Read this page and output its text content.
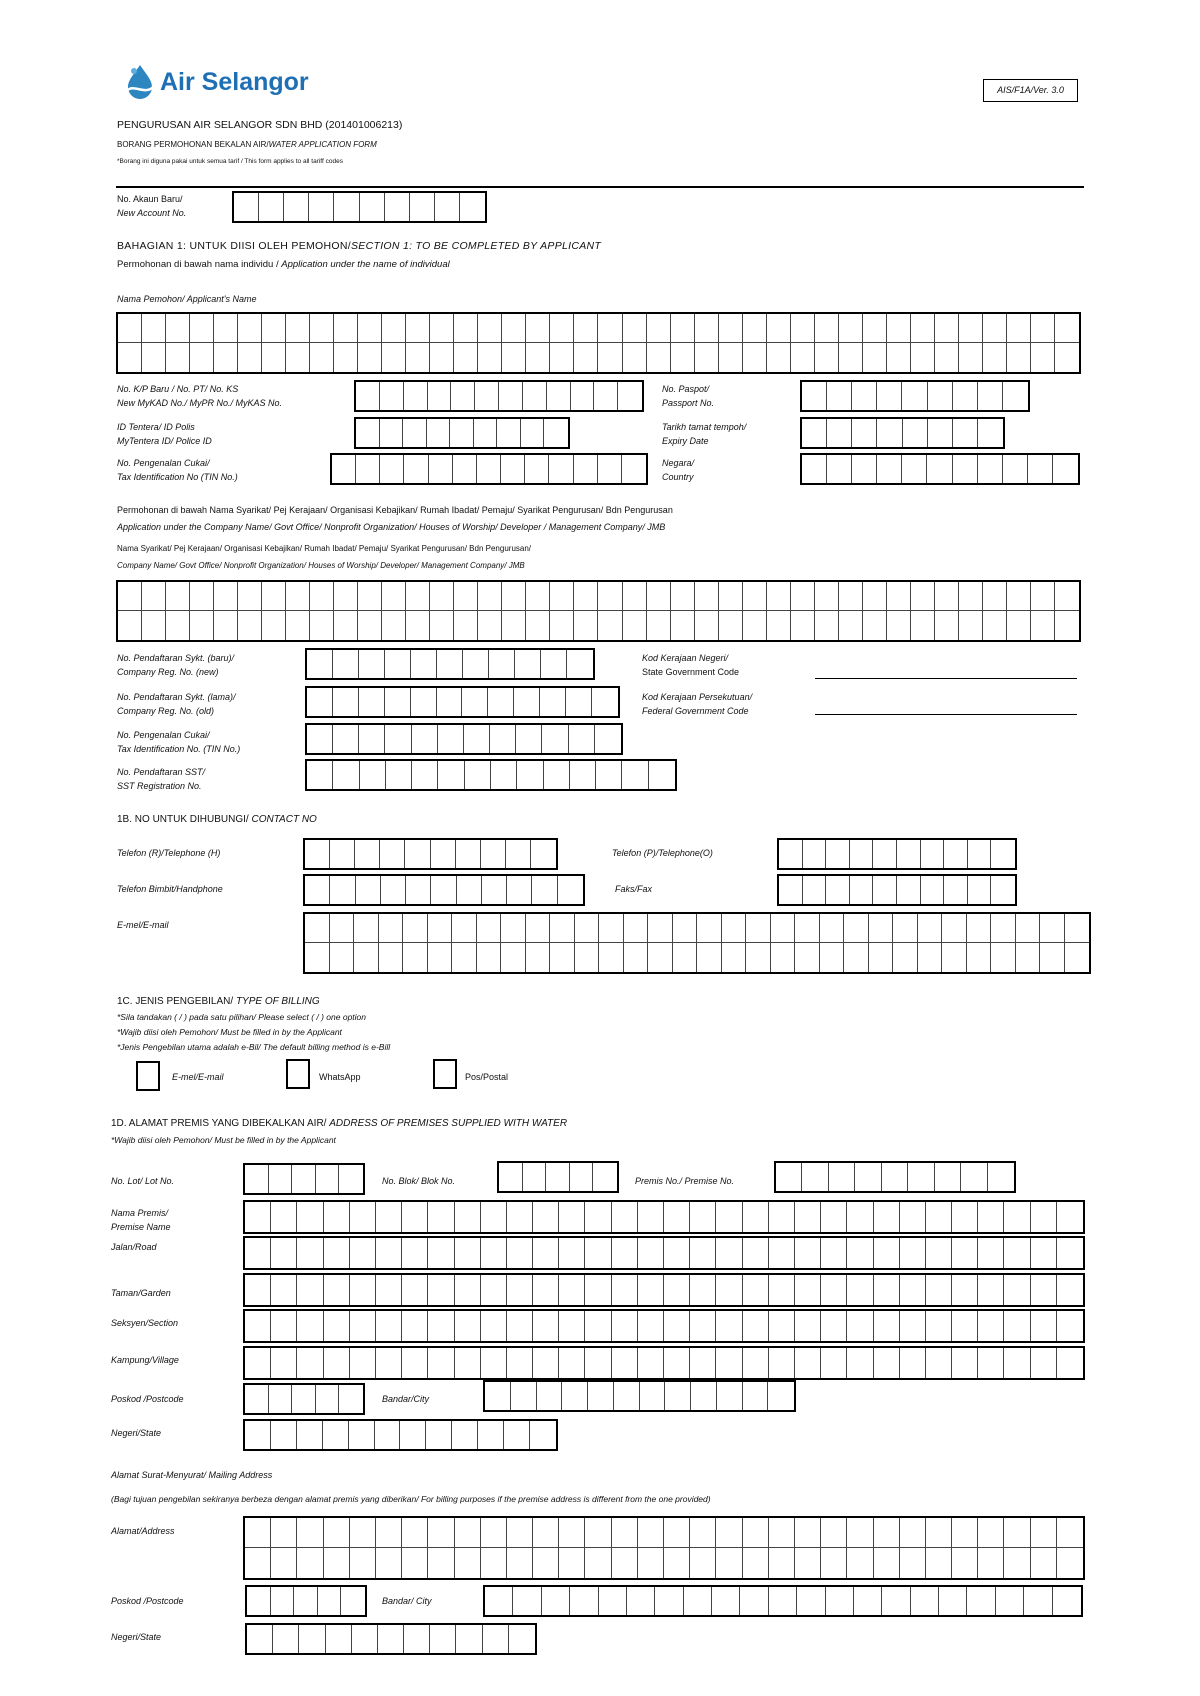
Air Selangor	AIS/F1A/Ver. 3.0
PENGURUSAN AIR SELANGOR SDN BHD (201401006213)
BORANG PERMOHONAN BEKALAN AIR/WATER APPLICATION FORM
*Borang ini diguna pakai untuk semua tarif / This form applies to all tariff codes
No. Akaun Baru/
New Account No.
BAHAGIAN 1: UNTUK DIISI OLEH PEMOHON/SECTION 1: TO BE COMPLETED BY APPLICANT
Permohonan di bawah nama individu / Application under the name of individual
Nama Pemohon/ Applicant's Name
No. K/P Baru / No. PT/ No. KS
New MyKAD No./ MyPR No./ MyKAS No.
No. Paspot/
Passport No.
ID Tentera/ ID Polis
MyTentera ID/ Police ID
Tarikh tamat tempoh/
Expiry Date
No. Pengenalan Cukai/
Tax Identification No (TIN No.)
Negara/
Country
Permohonan di bawah Nama Syarikat/ Pej Kerajaan/ Organisasi Kebajikan/ Rumah Ibadat/ Pemaju/ Syarikat Pengurusan/ Bdn Pengurusan
Application under the Company Name/ Govt Office/ Nonprofit Organization/ Houses of Worship/ Developer / Management Company/ JMB
Nama Syarikat/ Pej Kerajaan/ Organisasi Kebajikan/ Rumah Ibadat/ Pemaju/ Syarikat Pengurusan/ Bdn Pengurusan/
Company Name/ Govt Office/ Nonprofit Organization/ Houses of Worship/ Developer/ Management Company/ JMB
No. Pendaftaran Sykt. (baru)/
Company Reg. No. (new)
Kod Kerajaan Negeri/
State Government Code
No. Pendaftaran Sykt. (lama)/
Company Reg. No. (old)
Kod Kerajaan Persekutuan/
Federal Government Code
No. Pengenalan Cukai/
Tax Identification No. (TIN No.)
No. Pendaftaran SST/
SST Registration No.
1B. NO UNTUK DIHUBUNGI/ CONTACT NO
Telefon (R)/Telephone (H)	Telefon (P)/Telephone(O)
Telefon Bimbit/Handphone	Faks/Fax
E-mel/E-mail
1C. JENIS PENGEBILAN/ TYPE OF BILLING
*Sila tandakan ( / ) pada satu pilihan/ Please select ( / ) one option
*Wajib diisi oleh Pemohon/ Must be filled in by the Applicant
*Jenis Pengebilan utama adalah e-Bil/ The default billing method is e-Bill
E-mel/E-mail	WhatsApp	Pos/Postal
1D. ALAMAT PREMIS YANG DIBEKALKAN AIR/ ADDRESS OF PREMISES SUPPLIED WITH WATER
*Wajib diisi oleh Pemohon/ Must be filled in by the Applicant
No. Lot/ Lot No.	No. Blok/ Blok No.	Premis No./ Premise No.
Nama Premis/
Premise Name
Jalan/Road
Taman/Garden
Seksyen/Section
Kampung/Village
Poskod /Postcode	Bandar/City
Negeri/State
Alamat Surat-Menyurat/ Mailing Address
(Bagi tujuan pengebilan sekiranya berbeza dengan alamat premis yang diberikan/ For billing purposes if the premise address is different from the one provided)
Alamat/Address
Poskod /Postcode	Bandar/ City
Negeri/State
